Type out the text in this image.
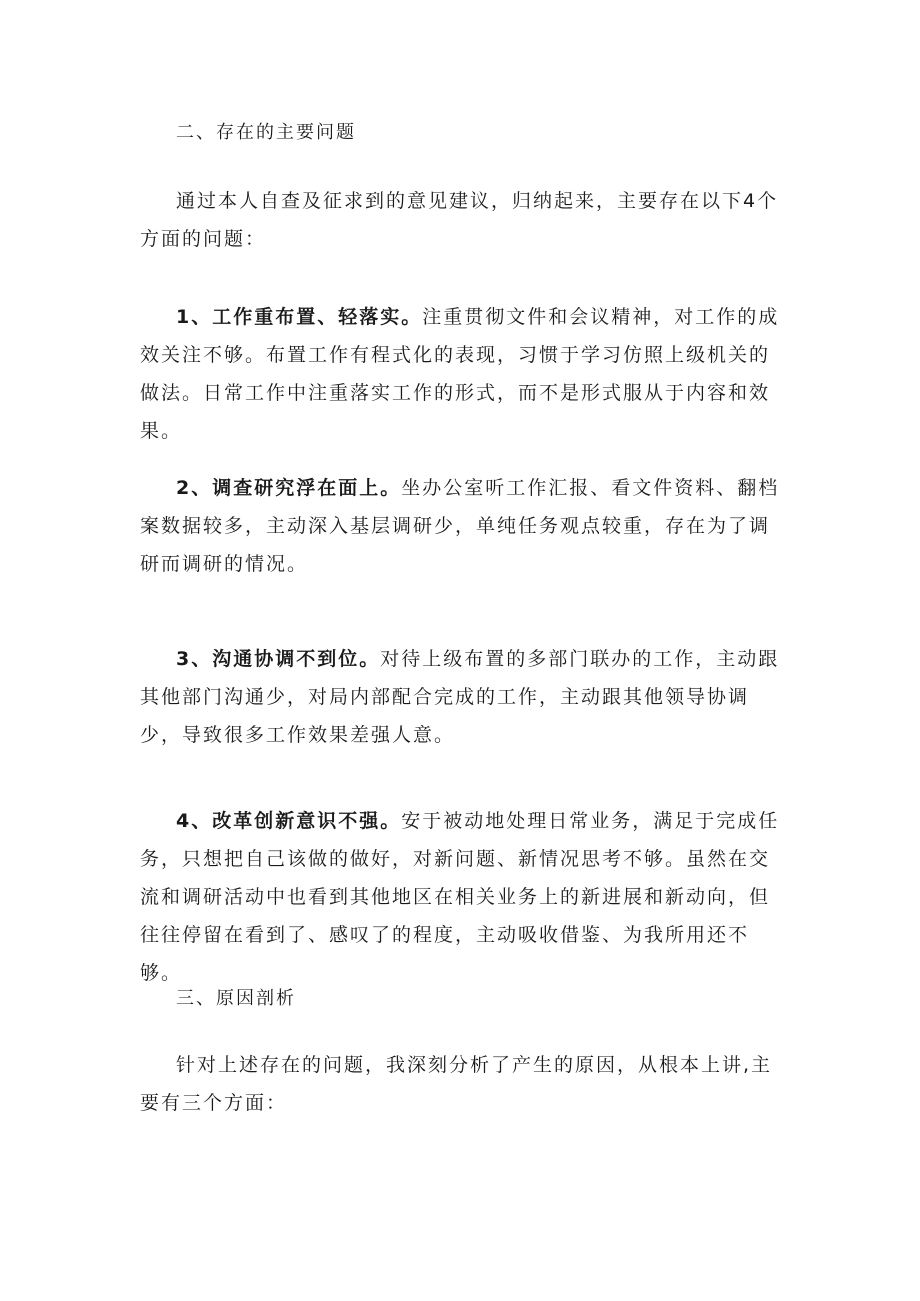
二、存在的主要问题

通过本人自查及征求到的意见建议，归纳起来，主要存在以下4个方面的问题：

1、工作重布置、轻落实。注重贯彻文件和会议精神，对工作的成效关注不够。布置工作有程式化的表现，习惯于学习仿照上级机关的做法。日常工作中注重落实工作的形式，而不是形式服从于内容和效果。

2、调查研究浮在面上。坐办公室听工作汇报、看文件资料、翻档案数据较多，主动深入基层调研少，单纯任务观点较重，存在为了调研而调研的情况。

3、沟通协调不到位。对待上级布置的多部门联办的工作，主动跟其他部门沟通少，对局内部配合完成的工作，主动跟其他领导协调少，导致很多工作效果差强人意。

4、改革创新意识不强。安于被动地处理日常业务，满足于完成任务，只想把自己该做的做好，对新问题、新情况思考不够。虽然在交流和调研活动中也看到其他地区在相关业务上的新进展和新动向，但往往停留在看到了、感叹了的程度，主动吸收借鉴、为我所用还不够。

三、原因剖析

针对上述存在的问题，我深刻分析了产生的原因，从根本上讲,主要有三个方面：
